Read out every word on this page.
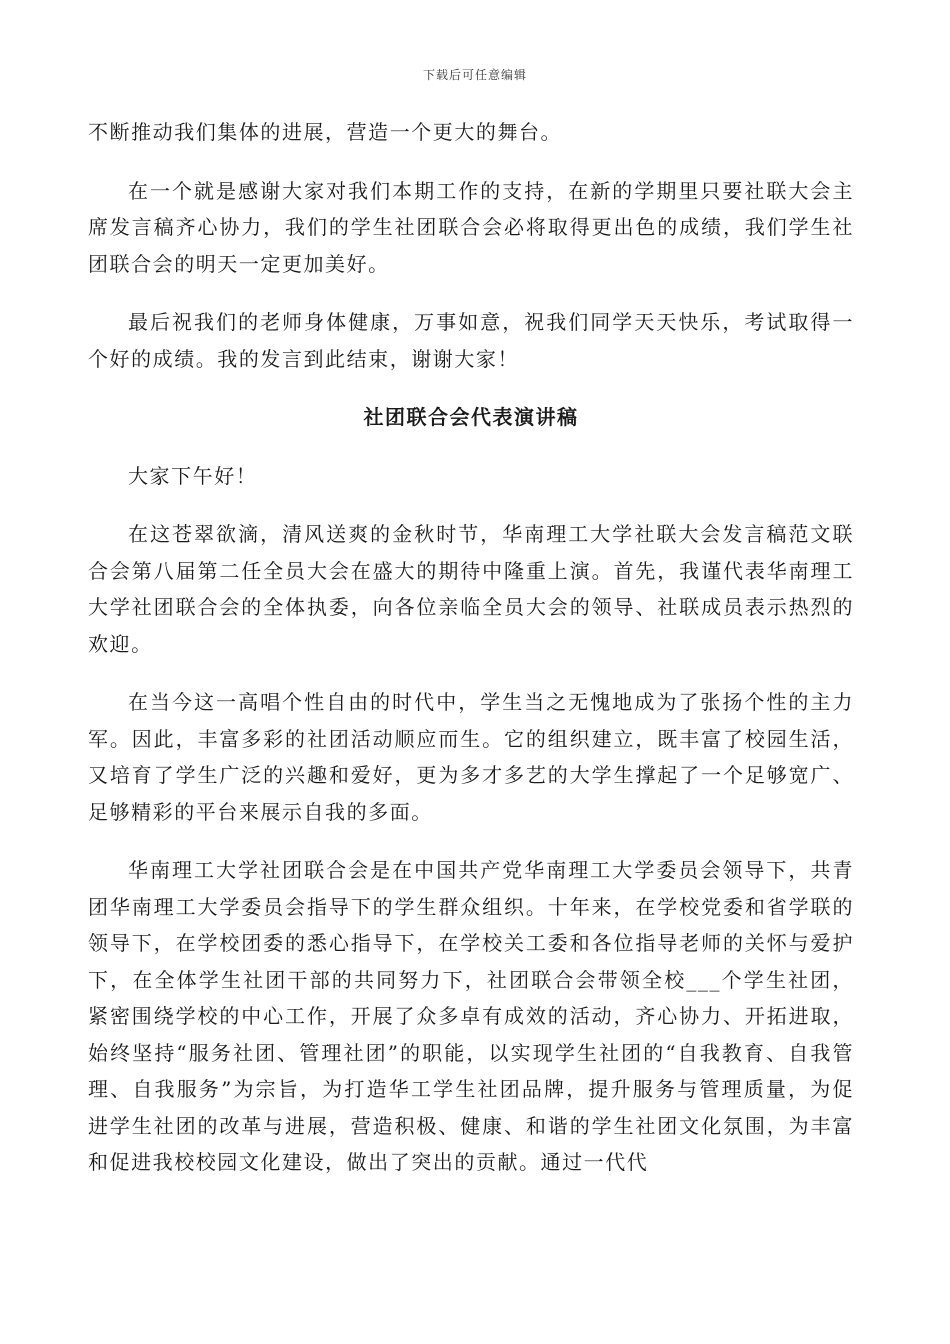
下载后可任意编辑

不断推动我们集体的进展，营造一个更大的舞台。

在一个就是感谢大家对我们本期工作的支持，在新的学期里只要社联大会主席发言稿齐心协力，我们的学生社团联合会必将取得更出色的成绩，我们学生社团联合会的明天一定更加美好。

最后祝我们的老师身体健康，万事如意，祝我们同学天天快乐，考试取得一个好的成绩。我的发言到此结束，谢谢大家！

社团联合会代表演讲稿

大家下午好！

在这苍翠欲滴，清风送爽的金秋时节，华南理工大学社联大会发言稿范文联合会第八届第二任全员大会在盛大的期待中隆重上演。首先，我谨代表华南理工大学社团联合会的全体执委，向各位亲临全员大会的领导、社联成员表示热烈的欢迎。

在当今这一高唱个性自由的时代中，学生当之无愧地成为了张扬个性的主力军。因此，丰富多彩的社团活动顺应而生。它的组织建立，既丰富了校园生活，又培育了学生广泛的兴趣和爱好，更为多才多艺的大学生撑起了一个足够宽广、足够精彩的平台来展示自我的多面。

华南理工大学社团联合会是在中国共产党华南理工大学委员会领导下，共青团华南理工大学委员会指导下的学生群众组织。十年来，在学校党委和省学联的领导下，在学校团委的悉心指导下，在学校关工委和各位指导老师的关怀与爱护下，在全体学生社团干部的共同努力下，社团联合会带领全校___个学生社团，紧密围绕学校的中心工作，开展了众多卓有成效的活动，齐心协力、开拓进取，始终坚持“服务社团、管理社团”的职能，以实现学生社团的“自我教育、自我管理、自我服务”为宗旨，为打造华工学生社团品牌，提升服务与管理质量，为促进学生社团的改革与进展，营造积极、健康、和谐的学生社团文化氛围，为丰富和促进我校校园文化建设，做出了突出的贡献。通过一代代
